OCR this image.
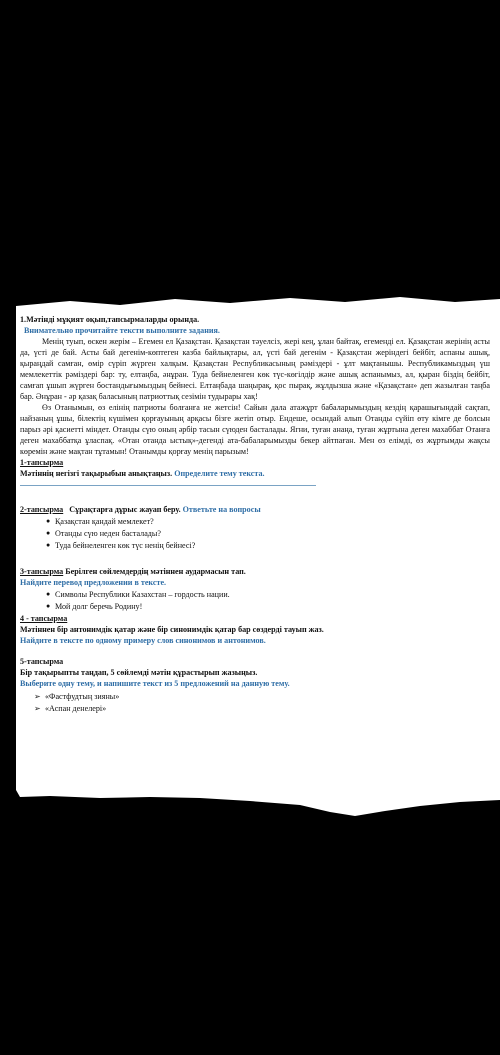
1.Мәтінді мұқият оқып,тапсырмаларды орында.

Внимательно прочитайте тексти выполните задания.

Менің туып, өскен жерім – Егемен ел Қазақстан. Қазақстан тәуелсіз, жері кең, ұлан байтақ, егеменді ел. Қазақстан жерінің асты да, үсті де бай. Асты бай дегенім-көптеген казба байлықтары, ал, үсті бай дегенім - Қазақстан жеріндегі бейбіт, аспаны ашық, қыраңдай самған, өмір сүріп жүрген халқым. Қазақстан Республикасының рәміздері - ұлт мақтанышы. Республикамыздың үш мемлекеттік рәміздері бар: ту, елтаңба, әнұран. Туда бейнеленген көк түс-көгілдір және ашық аспанымыз, ал, қыран біздің бейбіт, самғап ұшып жүрген бостандығымыздың бейнесі. Елтаңбада шаңырақ, қос пырақ, жұлдызша және «Қазақстан» деп жазылған таңба бар. Әнұран - әр қазақ баласының патриоттық сезімін тудырары хақ!

Өз Отанымын, өз елінің патриоты болғанға не жетсін! Сайын дала атажұрт бабаларымыздың кездің қарашығындай сақтап, найзаның ұшы, білектің күшімен қорғауының арқасы бізге жетіп отыр. Ендеше, осындай алып Отанды сүйіп өту кімге де болсын парыз әрі қасиетті міндет. Отанды сүю оның әрбір тасын сүюден басталады. Ягни, туған анаңа, туған жұртына деген махаббат Отанға деген махаббатқа ұласпақ. «Отан отанда ыстық»-дегенді ата-бабаларымызды бекер айтпаған. Мен өз елімді, өз жұртымды жақсы көремін және мақтан тұтамын! Отанымды қорғау менің парызым!

1-тапсырма

Мәтіннің негізгі тақырыбын анықтаңыз. Определите тему текста.

2-тапсырма Сұрақтарға дұрыс жауап беру. Ответьте на вопросы

● Қазақстан қандай мемлекет?
● Отанды сүю неден басталады?
● Туда бейнеленген көк түс ненің бейнесі?

3-тапсырма Берілген сөйлемдердің мәтіннен аудармасын тап.

Найдите перевод предложении в тексте.

● Символы Республики Казахстан – гордость нации.
● Мой долг беречь Родину!

4 - тапсырма

Мәтіннен бір антонимдік қатар және бір синонимдік қатар бар сөздерді тауып жаз.

Найдите в тексте по одному примеру слов синонимов и антонимов.

5-тапсырма

Бір тақырыпты таңдап, 5 сөйлемді мәтін құрастырып жазыңыз.

Выберите одну тему, и напишите текст из 5 предложений на данную тему.

➢ «Фастфудтың зияны»
➢ «Аспан денелері»
